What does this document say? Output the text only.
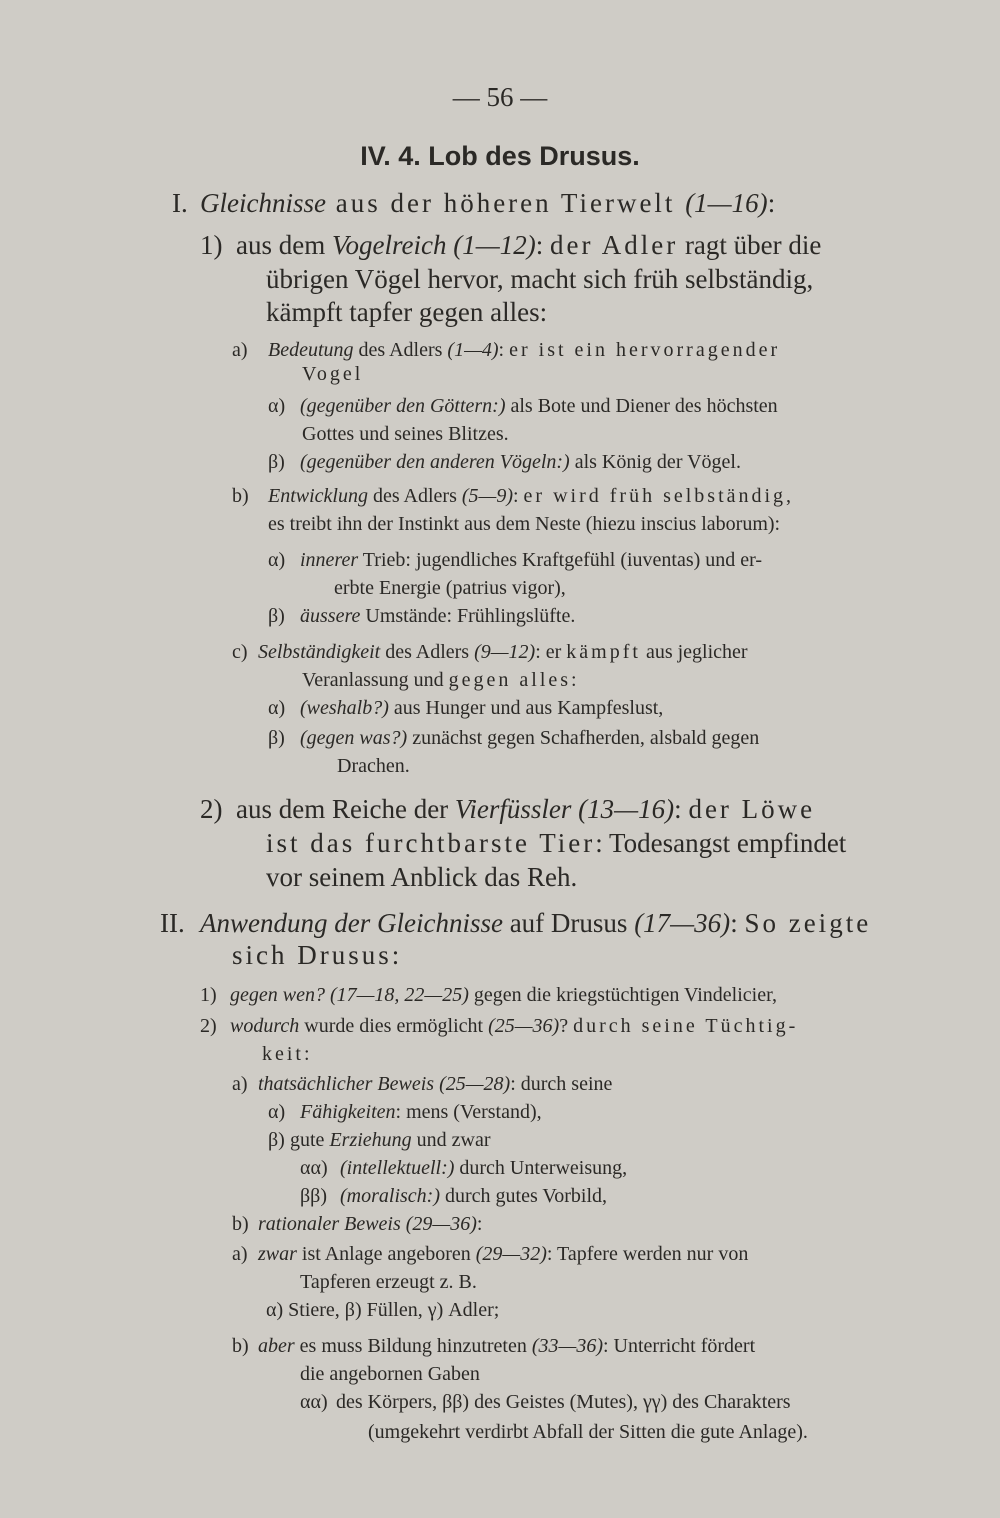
— 56 —
IV. 4. Lob des Drusus.
I. Gleichnisse aus der höheren Tierwelt (1—16):
1) aus dem Vogelreich (1—12): der Adler ragt über die
übrigen Vögel hervor, macht sich früh selbständig,
kämpft tapfer gegen alles:
a) Bedeutung des Adlers (1—4): er ist ein hervorragender
Vogel
α) (gegenüber den Göttern:) als Bote und Diener des höchsten
Gottes und seines Blitzes.
β) (gegenüber den anderen Vögeln:) als König der Vögel.
b) Entwicklung des Adlers (5—9): er wird früh selbständig,
es treibt ihn der Instinkt aus dem Neste (hiezu inscius laborum):
α) innerer Trieb: jugendliches Kraftgefühl (iuventas) und er-
erbte Energie (patrius vigor),
β) äussere Umstände: Frühlingslüfte.
c) Selbständigkeit des Adlers (9—12): er kämpft aus jeglicher
Veranlassung und gegen alles:
α) (weshalb?) aus Hunger und aus Kampfeslust,
β) (gegen was?) zunächst gegen Schafherden, alsbald gegen
Drachen.
2) aus dem Reiche der Vierfüssler (13—16): der Löwe
ist das furchtbarste Tier: Todesangst empfindet
vor seinem Anblick das Reh.
II. Anwendung der Gleichnisse auf Drusus (17—36): So zeigte
sich Drusus:
1) gegen wen? (17—18, 22—25) gegen die kriegstüchtigen Vindelicier,
2) wodurch wurde dies ermöglicht (25—36)? durch seine Tüchtig-
keit:
a) thatsächlicher Beweis (25—28): durch seine
α) Fähigkeiten: mens (Verstand),
β) gute Erziehung und zwar
αα) (intellektuell:) durch Unterweisung,
ββ) (moralisch:) durch gutes Vorbild,
b) rationaler Beweis (29—36):
a) zwar ist Anlage angeboren (29—32): Tapfere werden nur von
Tapferen erzeugt z. B.
α) Stiere, β) Füllen, γ) Adler;
b) aber es muss Bildung hinzutreten (33—36): Unterricht fördert
die angebornen Gaben
αα) des Körpers, ββ) des Geistes (Mutes), γγ) des Charakters
(umgekehrt verdirbt Abfall der Sitten die gute Anlage).
